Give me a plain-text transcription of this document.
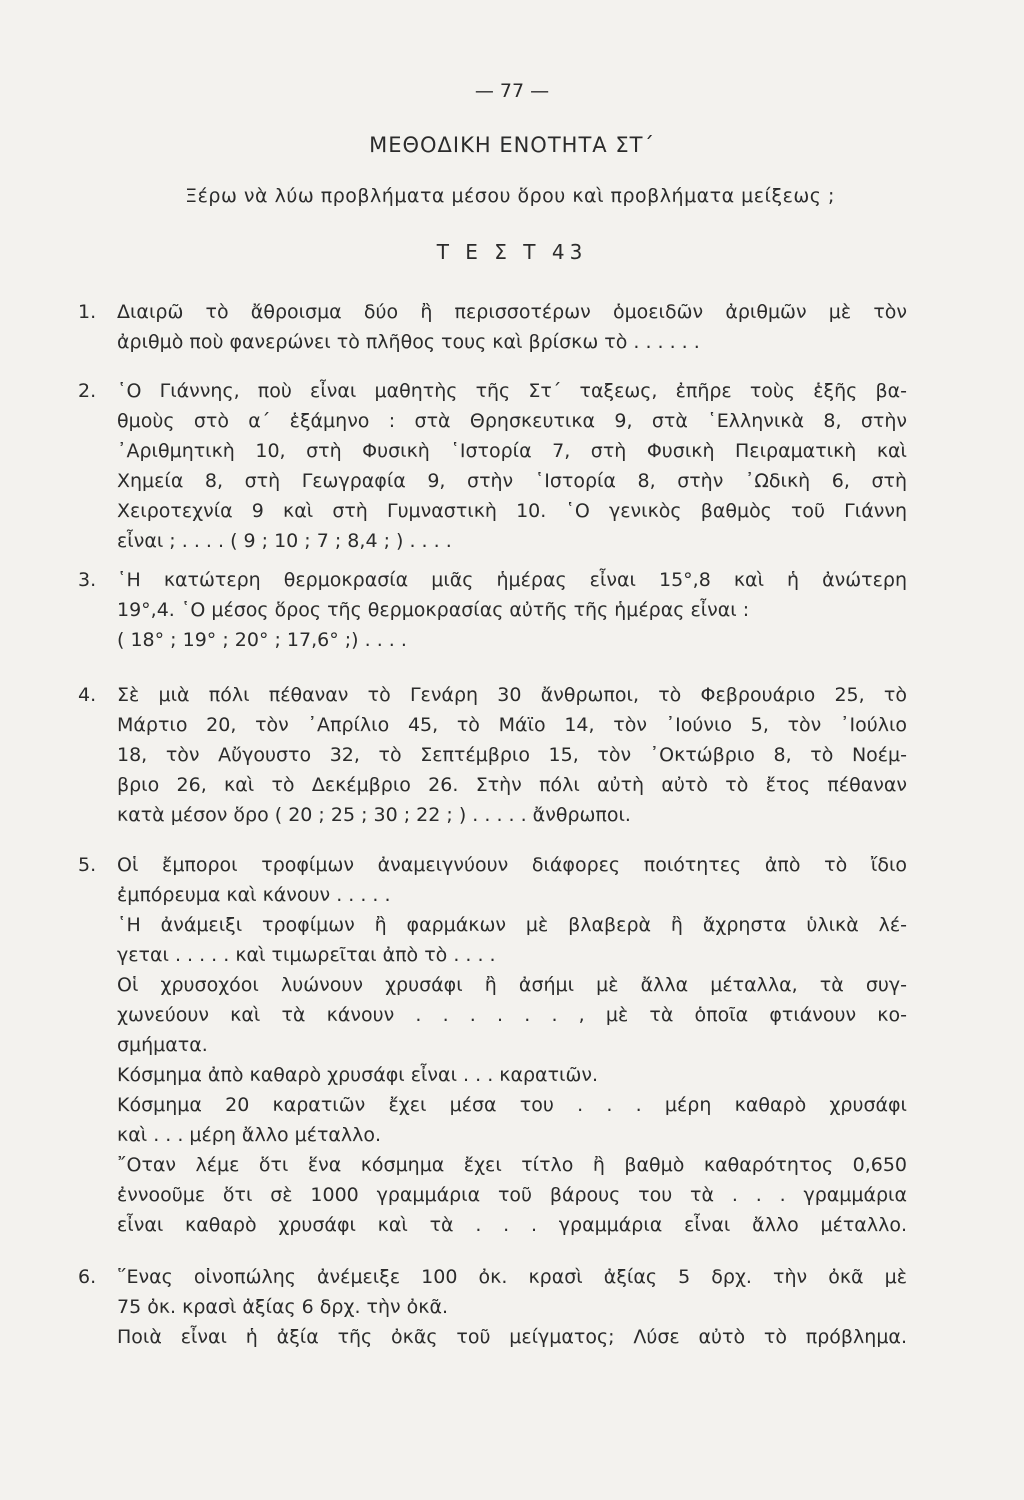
— 77 —
ΜΕΘΟΔΙΚΗ ΕΝΟΤΗΤΑ ΣΤ΄
Ξέρω νὰ λύω προβλήματα μέσου ὅρου καὶ προβλήματα μείξεως ;
Τ Ε Σ Τ 43
1. Διαιρῶ τὸ ἄθροισμα δύο ἢ περισσοτέρων ὁμοειδῶν ἀριθμῶν μὲ τὸν
ἀριθμὸ ποὺ φανερώνει τὸ πλῆθος τους καὶ βρίσκω τὸ . . . . . .
2. ῾Ο Γιάννης, ποὺ εἶναι μαθητὴς τῆς Στ΄ ταξεως, ἐπῆρε τοὺς ἑξῆς βα-
θμοὺς στὸ α΄ ἑξάμηνο : στὰ Θρησκευτικα 9, στὰ ῾Ελληνικὰ 8, στὴν
᾽Αριθμητικὴ 10, στὴ Φυσικὴ ῾Ιστορία 7, στὴ Φυσικὴ Πειραματικὴ καὶ
Χημεία 8, στὴ Γεωγραφία 9, στὴν ῾Ιστορία 8, στὴν ᾽Ωδικὴ 6, στὴ
Χειροτεχνία 9 καὶ στὴ Γυμναστικὴ 10. ῾Ο γενικὸς βαθμὸς τοῦ Γιάννη
εἶναι ; . . . . ( 9 ; 10 ; 7 ; 8,4 ; ) . . . .
3. ῾Η κατώτερη θερμοκρασία μιᾶς ἡμέρας εἶναι 15°,8 καὶ ἡ ἀνώτερη
19°,4. ῾Ο μέσος ὅρος τῆς θερμοκρασίας αὐτῆς τῆς ἡμέρας εἶναι :
( 18° ; 19° ; 20° ; 17,6° ;) . . . .
4. Σὲ μιὰ πόλι πέθαναν τὸ Γενάρη 30 ἄνθρωποι, τὸ Φεβρουάριο 25, τὸ
Μάρτιο 20, τὸν ᾽Απρίλιο 45, τὸ Μάϊο 14, τὸν ᾽Ιούνιο 5, τὸν ᾽Ιούλιο
18, τὸν Αὔγουστο 32, τὸ Σεπτέμβριο 15, τὸν ᾽Οκτώβριο 8, τὸ Νοέμ-
βριο 26, καὶ τὸ Δεκέμβριο 26. Στὴν πόλι αὐτὴ αὐτὸ τὸ ἔτος πέθαναν
κατὰ μέσον ὅρο ( 20 ; 25 ; 30 ; 22 ; ) . . . . . ἄνθρωποι.
5. Οἱ ἔμποροι τροφίμων ἀναμειγνύουν διάφορες ποιότητες ἀπὸ τὸ ἴδιο
ἐμπόρευμα καὶ κάνουν . . . . .
῾Η ἀνάμειξι τροφίμων ἢ φαρμάκων μὲ βλαβερὰ ἢ ἄχρηστα ὑλικὰ λέ-
γεται . . . . . καὶ τιμωρεῖται ἀπὸ τὸ . . . .
Οἱ χρυσοχόοι λυώνουν χρυσάφι ἢ ἀσήμι μὲ ἄλλα μέταλλα, τὰ συγ-
χωνεύουν καὶ τὰ κάνουν . . . . . . , μὲ τὰ ὁποῖα φτιάνουν κο-
σμήματα.
Κόσμημα ἀπὸ καθαρὸ χρυσάφι εἶναι . . . καρατιῶν.
Κόσμημα 20 καρατιῶν ἔχει μέσα του . . . μέρη καθαρὸ χρυσάφι
καὶ . . . μέρη ἄλλο μέταλλο.
῎Οταν λέμε ὅτι ἕνα κόσμημα ἔχει τίτλο ἢ βαθμὸ καθαρότητος 0,650
ἐννοοῦμε ὅτι σὲ 1000 γραμμάρια τοῦ βάρους του τὰ . . . γραμμάρια
εἶναι καθαρὸ χρυσάφι καὶ τὰ . . . γραμμάρια εἶναι ἄλλο μέταλλο.
6. ῞Ενας οἰνοπώλης ἀνέμειξε 100 ὀκ. κρασὶ ἀξίας 5 δρχ. τὴν ὀκᾶ μὲ
75 ὀκ. κρασὶ ἀξίας 6 δρχ. τὴν ὀκᾶ.
Ποιὰ εἶναι ἡ ἀξία τῆς ὀκᾶς τοῦ μείγματος; Λύσε αὐτὸ τὸ πρόβλημα.
